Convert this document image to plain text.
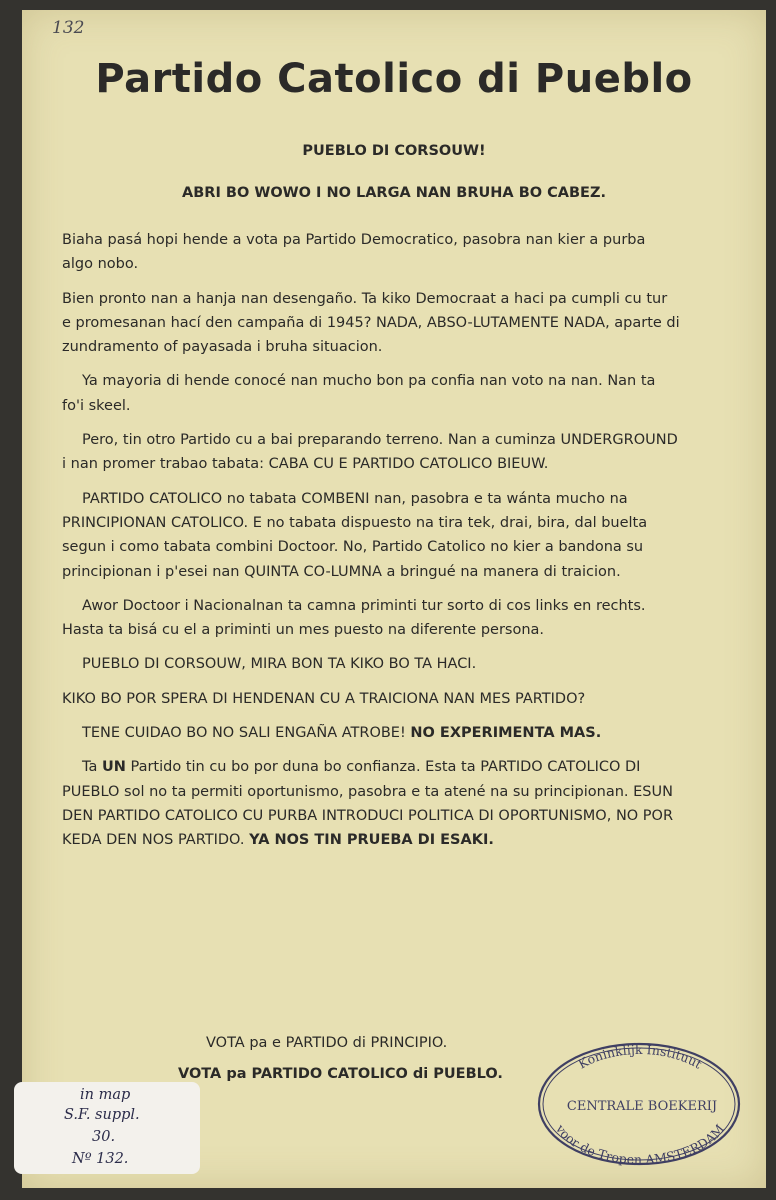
132
Partido Catolico di Pueblo
PUEBLO DI CORSOUW!
ABRI BO WOWO I NO LARGA NAN BRUHA BO CABEZ.

Biaha pasá hopi hende a vota pa Partido Democratico, pasobra nan kier a purba algo nobo.

Bien pronto nan a hanja nan desengaño. Ta kiko Democraat a haci pa cumpli cu tur e promesanan hací den campaña di 1945? NADA, ABSO-LUTAMENTE NADA, aparte di zundramento of payasada i bruha situacion.

Ya mayoria di hende conocé nan mucho bon pa confia nan voto na nan. Nan ta fo'i skeel.

Pero, tin otro Partido cu a bai preparando terreno. Nan a cuminza UNDERGROUND i nan promer trabao tabata: CABA CU E PARTIDO CATOLICO BIEUW.

PARTIDO CATOLICO no tabata COMBENI nan, pasobra e ta wánta mucho na PRINCIPIONAN CATOLICO. E no tabata dispuesto na tira tek, drai, bira, dal buelta segun i como tabata combini Doctoor. No, Partido Catolico no kier a bandona su principionan i p'esei nan QUINTA CO-LUMNA a bringué na manera di traicion.

Awor Doctoor i Nacionalnan ta camna priminti tur sorto di cos links en rechts. Hasta ta bisá cu el a priminti un mes puesto na diferente persona.

PUEBLO DI CORSOUW, MIRA BON TA KIKO BO TA HACI.

KIKO BO POR SPERA DI HENDENAN CU A TRAICIONA NAN MES PARTIDO?

TENE CUIDAO BO NO SALI ENGAÑA ATROBE! NO EXPERIMENTA MAS.

Ta UN Partido tin cu bo por duna bo confianza. Esta ta PARTIDO CATOLICO DI PUEBLO sol no ta permiti oportunismo, pasobra e ta atené na su principionan. ESUN DEN PARTIDO CATOLICO CU PURBA INTRODUCI POLITICA DI OPORTUNISMO, NO POR KEDA DEN NOS PARTIDO. YA NOS TIN PRUEBA DI ESAKI.

VOTA pa e PARTIDO di PRINCIPIO.
VOTA pa PARTIDO CATOLICO di PUEBLO.
Koninklijk Instituut
CENTRALE BOEKERIJ
voor de Tropen AMSTERDAM
in map
S.F. suppl.
30.
Nº 132.
